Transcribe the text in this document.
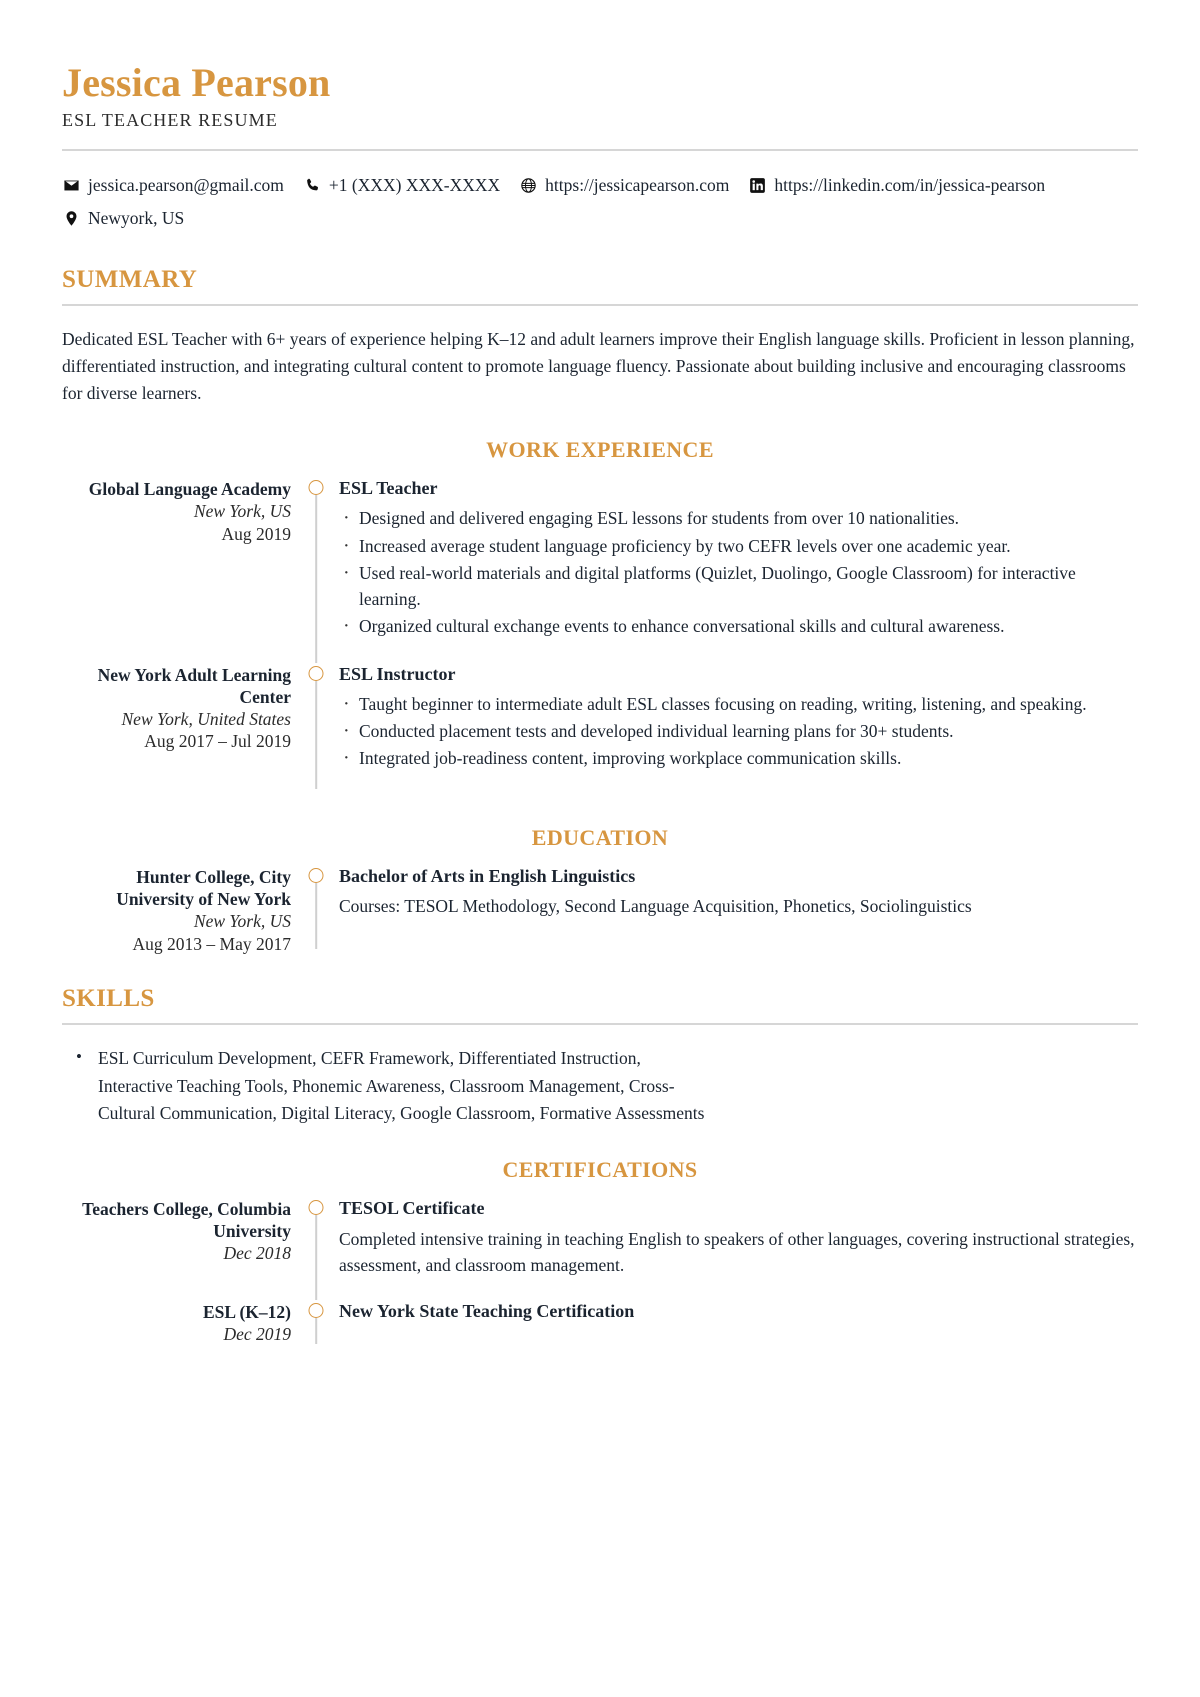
Jessica Pearson
ESL TEACHER RESUME
jessica.pearson@gmail.com	+1 (XXX) XXX-XXXX	https://jessicapearson.com	https://linkedin.com/in/jessica-pearson
Newyork, US
SUMMARY

Dedicated ESL Teacher with 6+ years of experience helping K–12 and adult learners improve their English language skills. Proficient in lesson planning, differentiated instruction, and integrating cultural content to promote language fluency. Passionate about building inclusive and encouraging classrooms for diverse learners.

WORK EXPERIENCE
Global Language Academy
New York, US
Aug 2019
ESL Teacher
· Designed and delivered engaging ESL lessons for students from over 10 nationalities.
· Increased average student language proficiency by two CEFR levels over one academic year.
· Used real-world materials and digital platforms (Quizlet, Duolingo, Google Classroom) for interactive learning.
· Organized cultural exchange events to enhance conversational skills and cultural awareness.
New York Adult Learning Center
New York, United States
Aug 2017 – Jul 2019
ESL Instructor
· Taught beginner to intermediate adult ESL classes focusing on reading, writing, listening, and speaking.
· Conducted placement tests and developed individual learning plans for 30+ students.
· Integrated job-readiness content, improving workplace communication skills.
EDUCATION
Hunter College, City University of New York
New York, US
Aug 2013 – May 2017
Bachelor of Arts in English Linguistics
Courses: TESOL Methodology, Second Language Acquisition, Phonetics, Sociolinguistics
SKILLS
• ESL Curriculum Development, CEFR Framework, Differentiated Instruction, Interactive Teaching Tools, Phonemic Awareness, Classroom Management, Cross-Cultural Communication, Digital Literacy, Google Classroom, Formative Assessments
CERTIFICATIONS
Teachers College, Columbia University
Dec 2018
TESOL Certificate
Completed intensive training in teaching English to speakers of other languages, covering instructional strategies, assessment, and classroom management.
ESL (K–12)
Dec 2019
New York State Teaching Certification
